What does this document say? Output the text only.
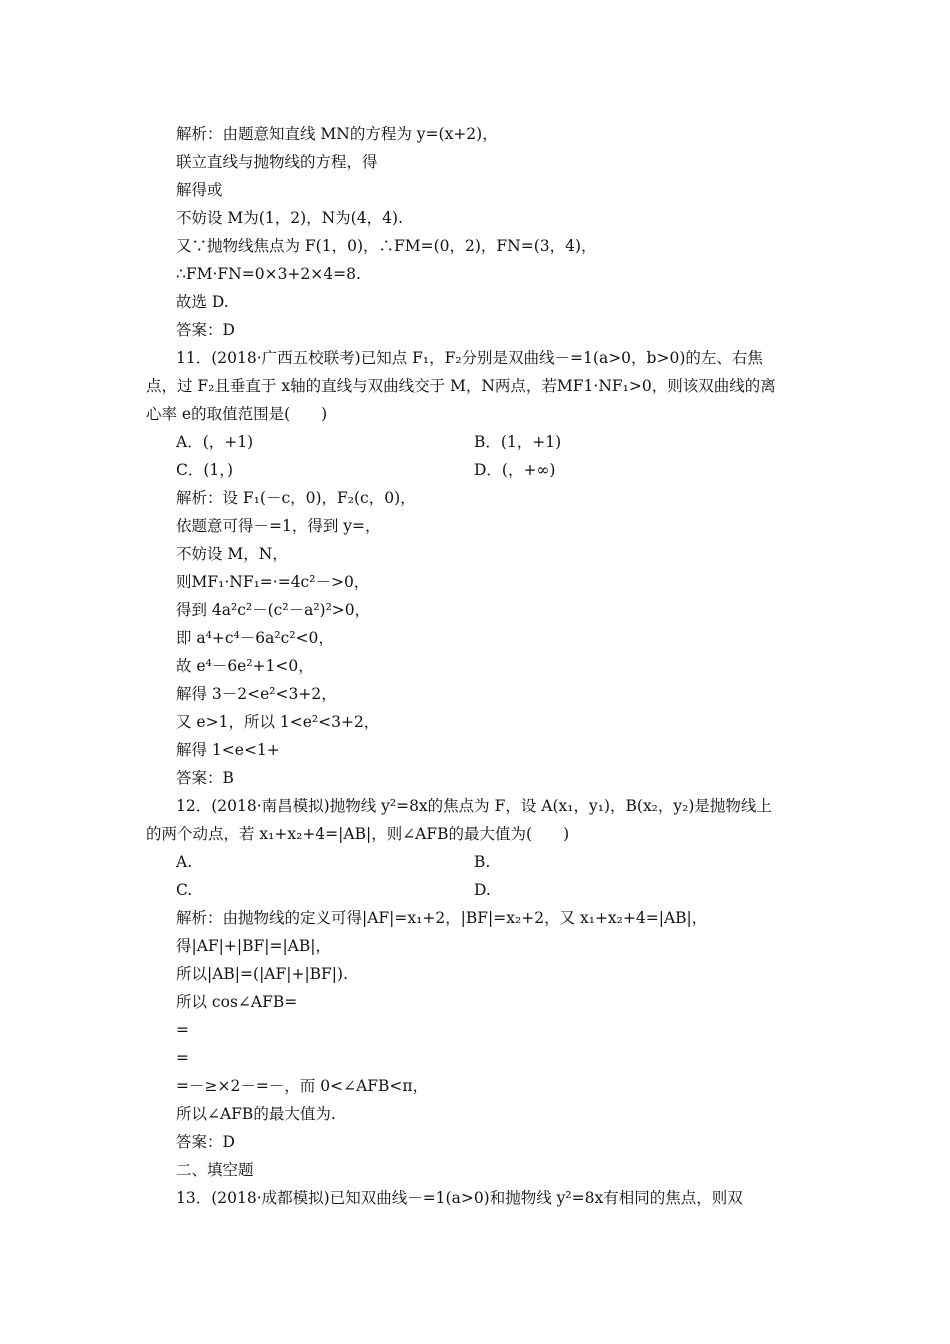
解析：由题意知直线 MN的方程为 y=(x+2)，
联立直线与抛物线的方程，得
解得或
不妨设 M为(1，2)，N为(4，4).
又∵抛物线焦点为 F(1，0)，∴FM=(0，2)，FN=(3，4)，
∴FM·FN=0×3+2×4=8.
故选 D.
答案：D
11．(2018·广西五校联考)已知点 F₁，F₂分别是双曲线－=1(a>0，b>0)的左、右焦
点，过 F₂且垂直于 x轴的直线与双曲线交于 M，N两点，若MF1·NF₁>0，则该双曲线的离
心率 e的取值范围是(　　)
A．(，+1)	B．(1，+1)
C．(1，)	D．(，+∞)
解析：设 F₁(－c，0)，F₂(c，0)，
依题意可得－=1，得到 y=，
不妨设 M，N，
则MF₁·NF₁=·=4c²－>0，
得到 4a²c²－(c²－a²)²>0，
即 a⁴+c⁴－6a²c²<0，
故 e⁴－6e²+1<0，
解得 3－2<e²<3+2，
又 e>1，所以 1<e²<3+2，
解得 1<e<1+
答案：B
12．(2018·南昌模拟)抛物线 y²=8x的焦点为 F，设 A(x₁，y₁)，B(x₂，y₂)是抛物线上
的两个动点，若 x₁+x₂+4=|AB|，则∠AFB的最大值为(　　)
A.	B.
C.	D.
解析：由抛物线的定义可得|AF|=x₁+2，|BF|=x₂+2，又 x₁+x₂+4=|AB|，
得|AF|+|BF|=|AB|，
所以|AB|=(|AF|+|BF|).
所以 cos∠AFB=
=
=
=－≥×2－=－，而 0<∠AFB<π，
所以∠AFB的最大值为.
答案：D
二、填空题
13．(2018·成都模拟)已知双曲线－=1(a>0)和抛物线 y²=8x有相同的焦点，则双
